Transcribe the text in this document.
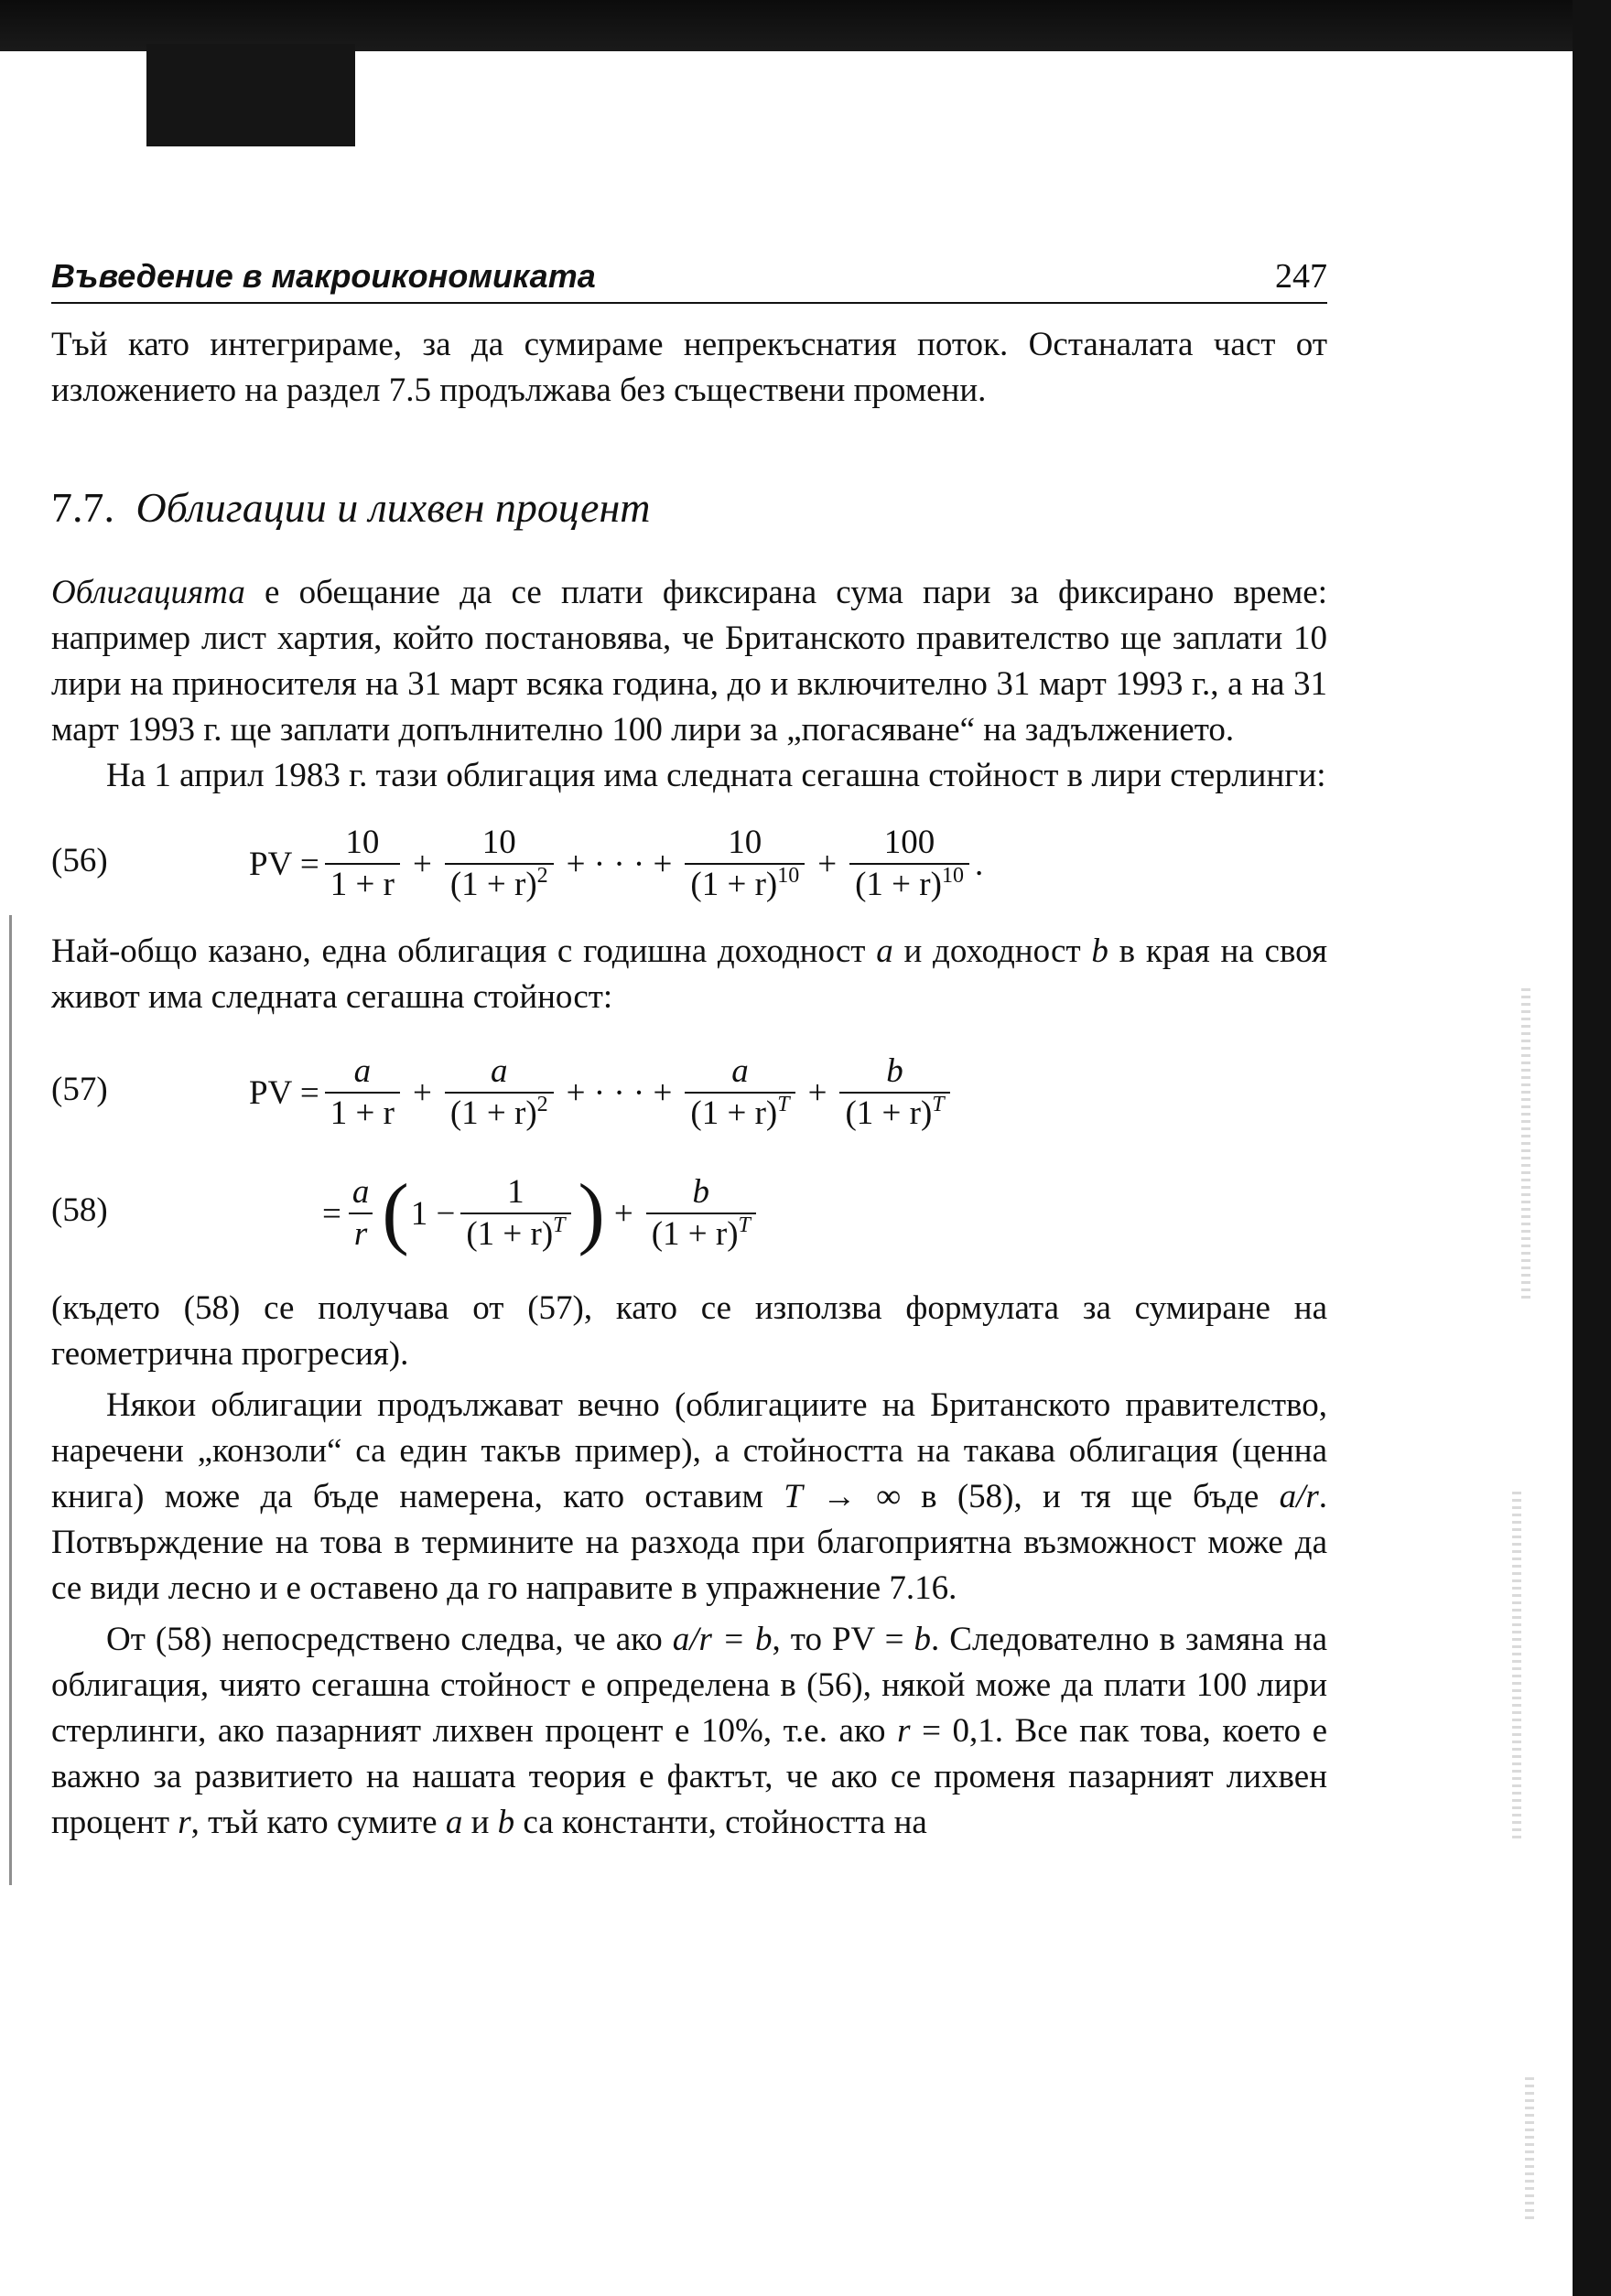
Въведение в макроикономиката	247

Тъй като интегрираме, за да сумираме непрекъснатия поток. Останалата част от изложението на раздел 7.5 продължава без съществени промени.

7.7. Облигации и лихвен процент

Облигацията е обещание да се плати фиксирана сума пари за фиксирано време: например лист хартия, който постановява, че Британското правителство ще заплати 10 лири на приносителя на 31 март всяка година, до и включително 31 март 1993 г., а на 31 март 1993 г. ще заплати допълнително 100 лири за „погасяване“ на задължението.

На 1 април 1983 г. тази облигация има следната сегашна стойност в лири стерлинги:

(56)	PV = $\frac{10}{1 + r} + \frac{10}{(1 + r)^2}$ + · · · + $\frac{10}{(1 + r)^{10}} + \frac{100}{(1 + r)^{10}}$ .

Най-общо казано, една облигация с годишна доходност a и доходност b в края на своя живот има следната сегашна стойност:

(57)	PV = $\frac{a}{1 + r} + \frac{a}{(1 + r)^2}$ + · · · + $\frac{a}{(1 + r)^T} + \frac{b}{(1 + r)^T}$
(58)	= $\frac{a}{r}$ ( $1 - \frac{1}{(1 + r)^T}$ ) + $\frac{b}{(1 + r)^T}$

(където (58) се получава от (57), като се използва формулата за сумиране на геометрична прогресия).

Някои облигации продължават вечно (облигациите на Британското правителство, наречени „конзоли“ са един такъв пример), а стойността на такава облигация (ценна книга) може да бъде намерена, като оставим T → ∞ в (58), и тя ще бъде a/r. Потвърждение на това в термините на разхода при благоприятна възможност може да се види лесно и е оставено да го направите в упражнение 7.16.

От (58) непосредствено следва, че ако a/r = b, то PV = b. Следователно в замяна на облигация, чиято сегашна стойност е определена в (56), някой може да плати 100 лири стерлинги, ако пазарният лихвен процент е 10%, т.е. ако r = 0,1. Все пак това, което е важно за развитието на нашата теория е фактът, че ако се променя пазарният лихвен процент r, тъй като сумите a и b са константи, стойността на
